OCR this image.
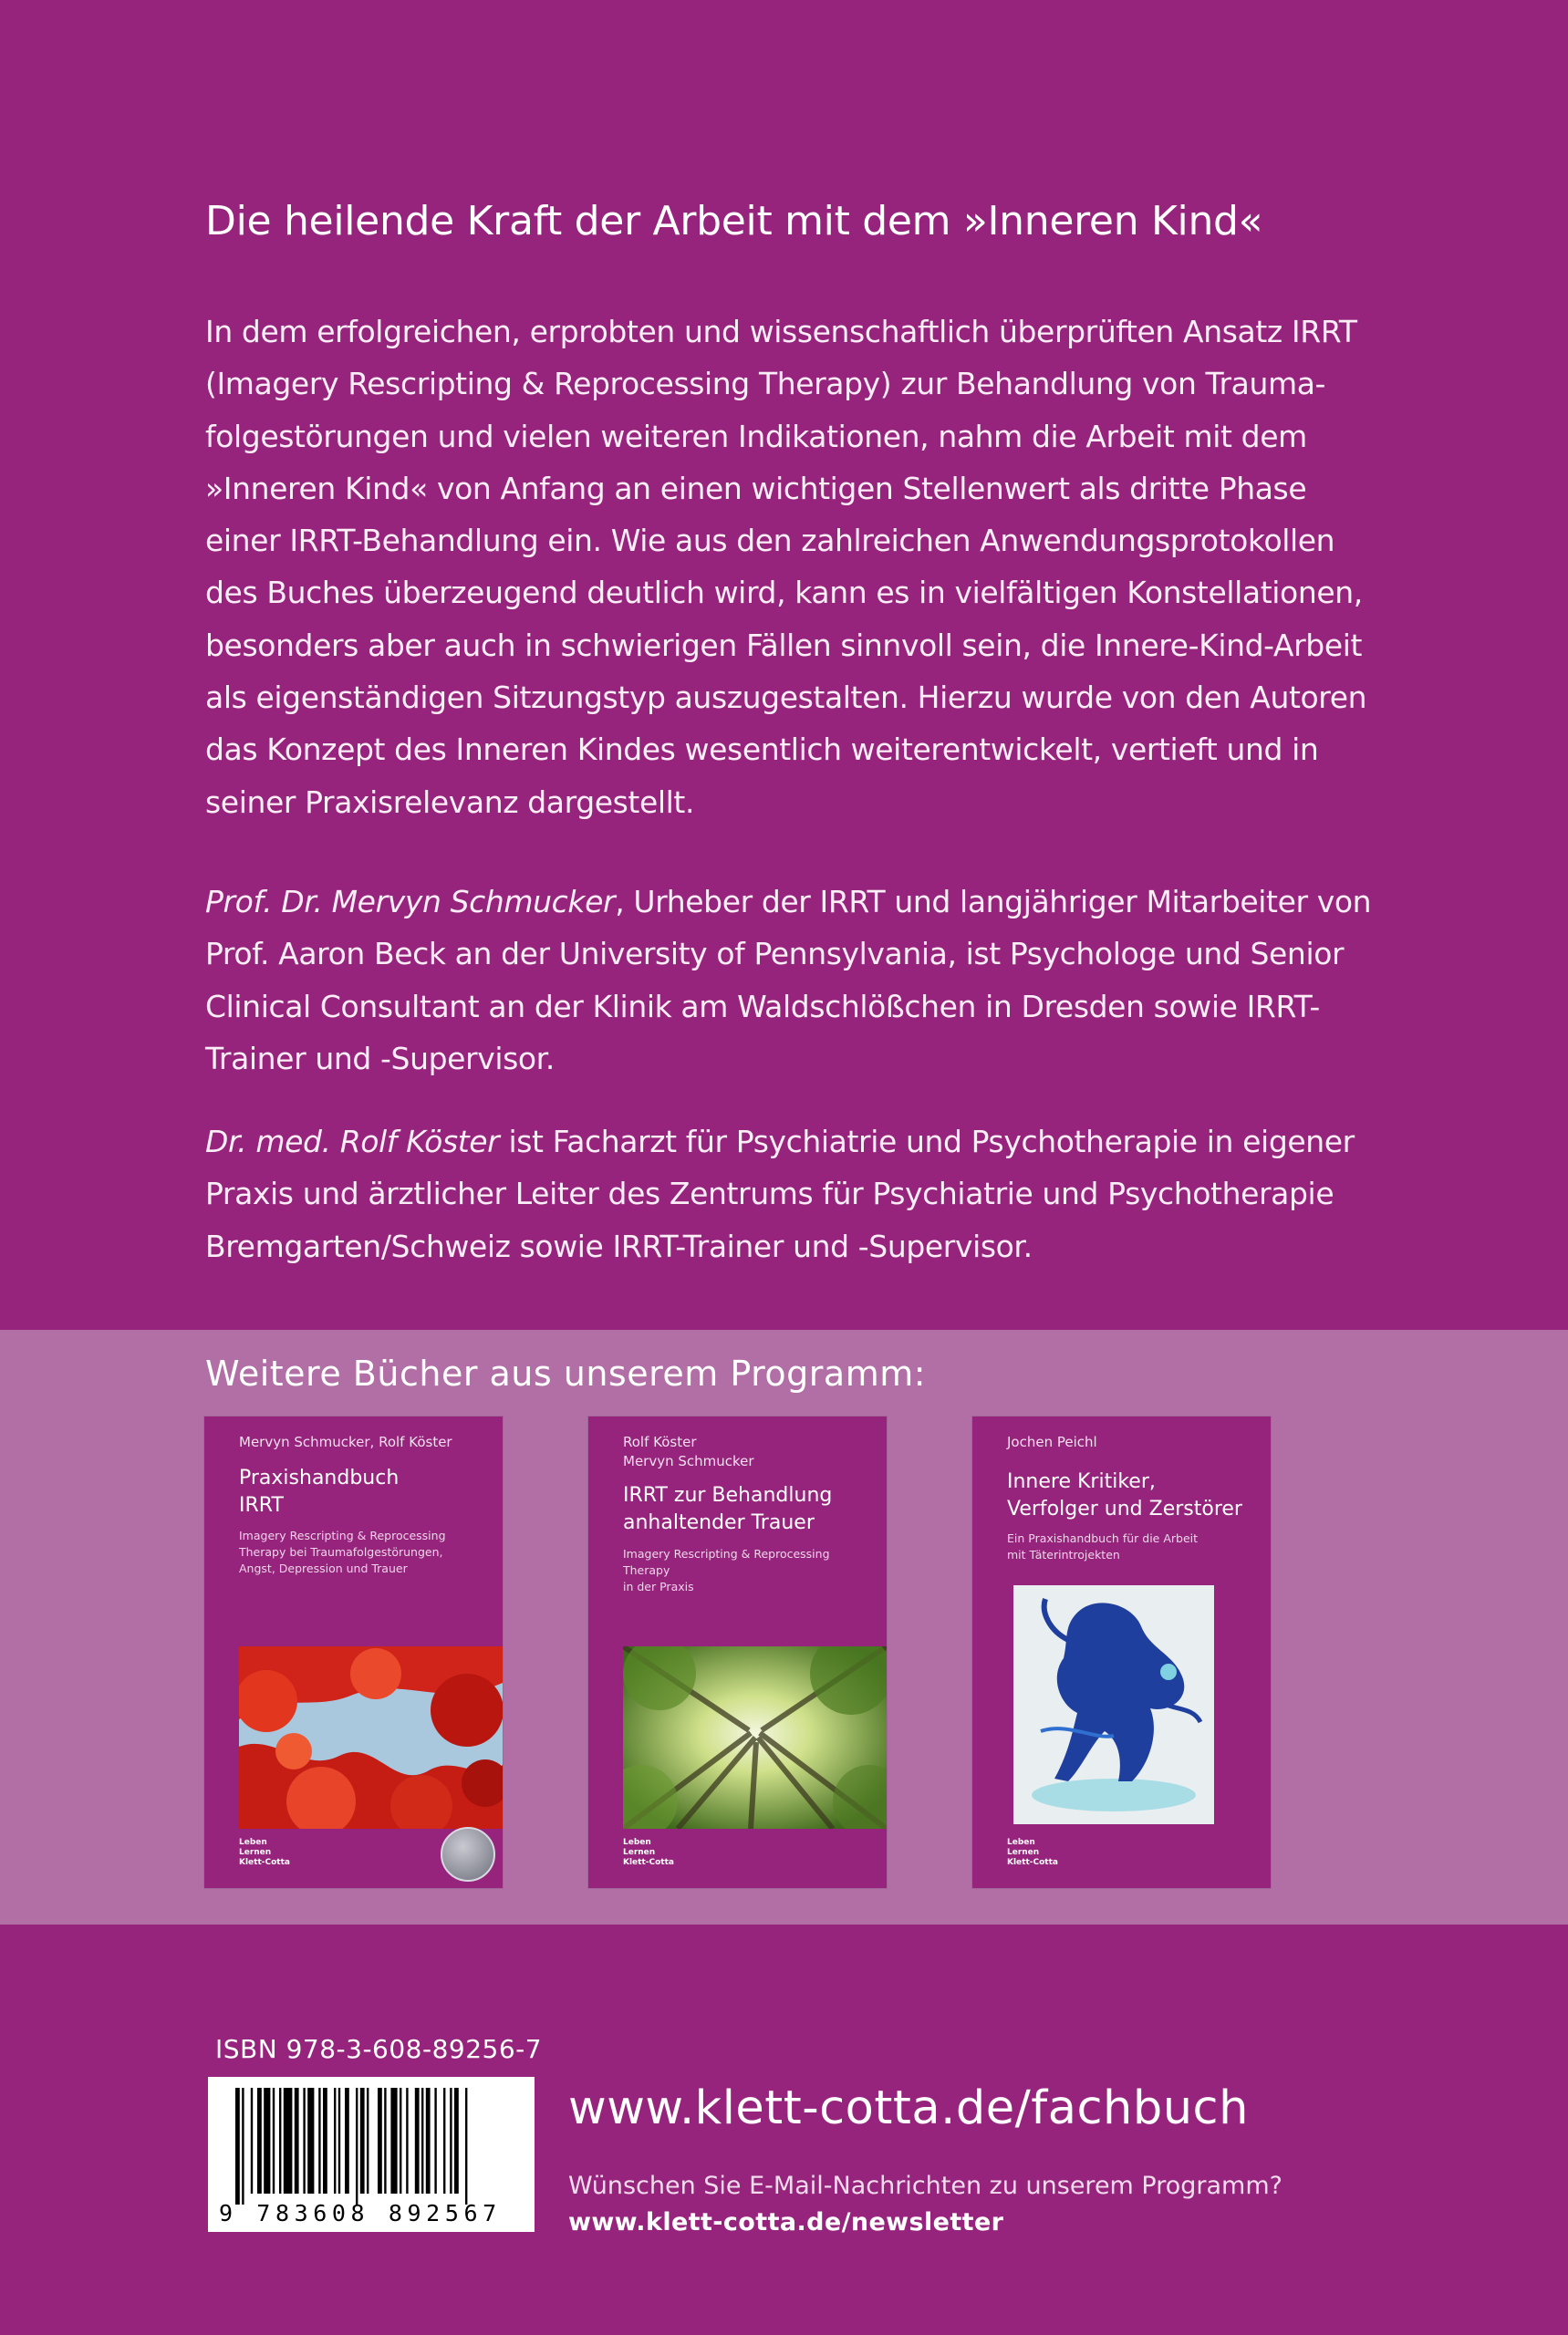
Die heilende Kraft der Arbeit mit dem »Inneren Kind«
In dem erfolgreichen, erprobten und wissenschaftlich überprüften Ansatz IRRT
(Imagery Rescripting & Reprocessing Therapy) zur Behandlung von Trauma-
folgestörungen und vielen weiteren Indikationen, nahm die Arbeit mit dem
»Inneren Kind« von Anfang an einen wichtigen Stellenwert als dritte Phase
einer IRRT-Behandlung ein. Wie aus den zahlreichen Anwendungsprotokollen
des Buches überzeugend deutlich wird, kann es in vielfältigen Konstellationen,
besonders aber auch in schwierigen Fällen sinnvoll sein, die Innere-Kind-Arbeit
als eigenständigen Sitzungstyp auszugestalten. Hierzu wurde von den Autoren
das Konzept des Inneren Kindes wesentlich weiterentwickelt, vertieft und in
seiner Praxisrelevanz dargestellt.
Prof. Dr. Mervyn Schmucker, Urheber der IRRT und langjähriger Mitarbeiter von
Prof. Aaron Beck an der University of Pennsylvania, ist Psychologe und Senior
Clinical Consultant an der Klinik am Waldschlößchen in Dresden sowie IRRT-
Trainer und -Supervisor.
Dr. med. Rolf Köster ist Facharzt für Psychiatrie und Psychotherapie in eigener
Praxis und ärztlicher Leiter des Zentrums für Psychiatrie und Psychotherapie
Bremgarten/Schweiz sowie IRRT-Trainer und -Supervisor.
Weitere Bücher aus unserem Programm:
Mervyn Schmucker, Rolf Köster
Praxishandbuch
IRRT
Imagery Rescripting & Reprocessing
Therapy bei Traumafolgestörungen,
Angst, Depression und Trauer
Leben
Lernen
Klett-Cotta
Rolf Köster
Mervyn Schmucker
IRRT zur Behandlung
anhaltender Trauer
Imagery Rescripting & Reprocessing Therapy
in der Praxis
Leben
Lernen
Klett-Cotta
Jochen Peichl
Innere Kritiker,
Verfolger und Zerstörer
Ein Praxishandbuch für die Arbeit
mit Täterintrojekten
Leben
Lernen
Klett-Cotta
ISBN 978-3-608-89256-7
9 783608 892567
www.klett-cotta.de/fachbuch
Wünschen Sie E-Mail-Nachrichten zu unserem Programm?
www.klett-cotta.de/newsletter
